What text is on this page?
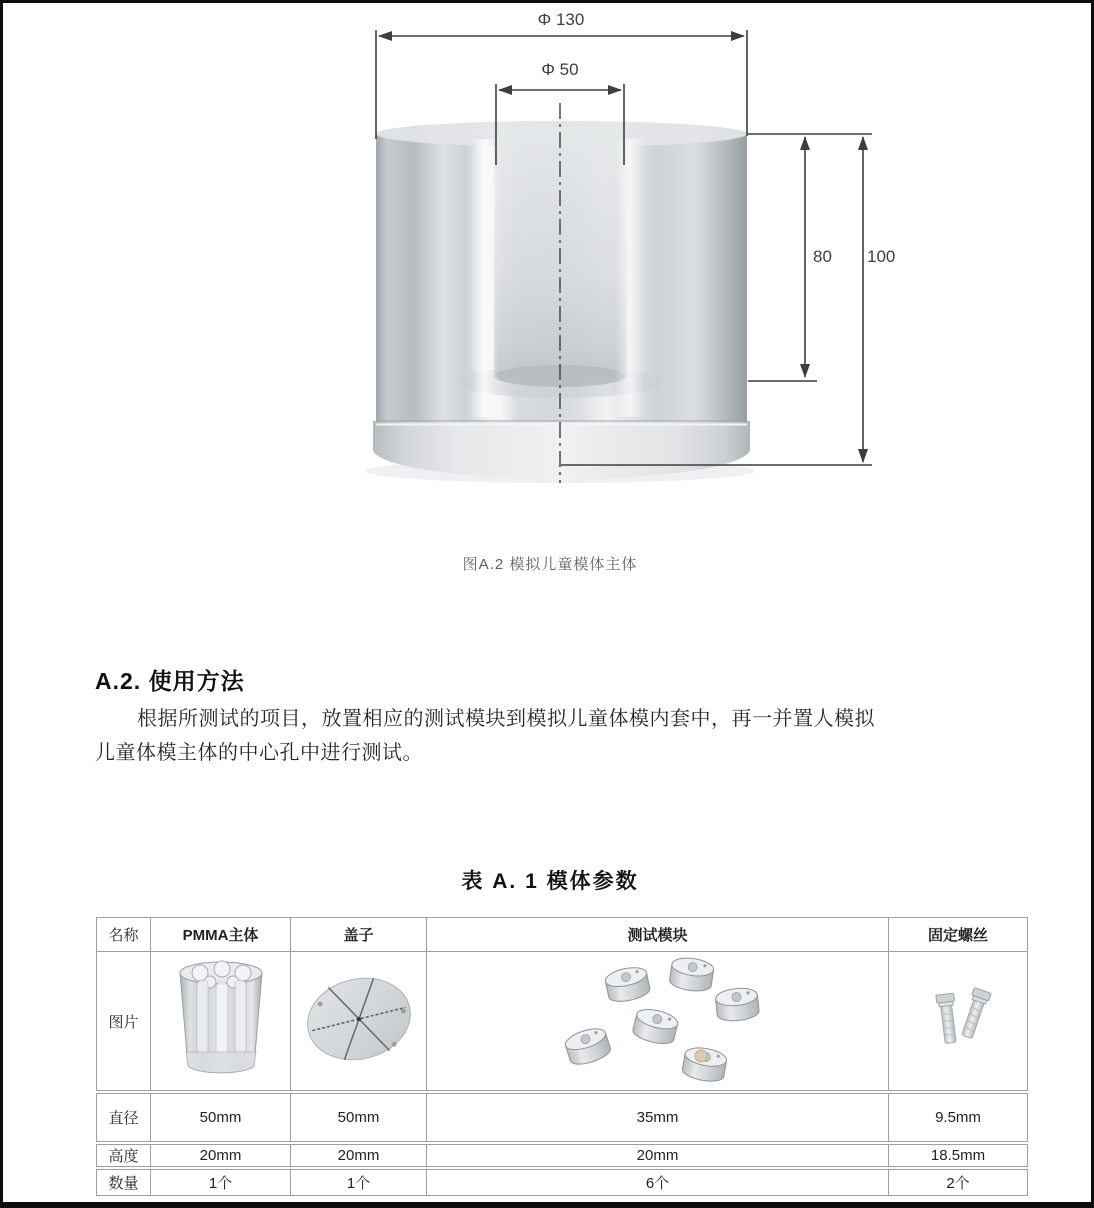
Φ 130
Φ 50
80 100
图A.2 模拟儿童模体主体
A.2. 使用方法
根据所测试的项目，放置相应的测试模块到模拟儿童体模内套中，再一并置人模拟
儿童体模主体的中心孔中进行测试。
表 A. 1 模体参数
名称	PMMA主体	盖子	测试模块	固定螺丝
图片				
直径	50mm	50mm	35mm	9.5mm
高度	20mm	20mm	20mm	18.5mm
数量	1个	1个	6个	2个
